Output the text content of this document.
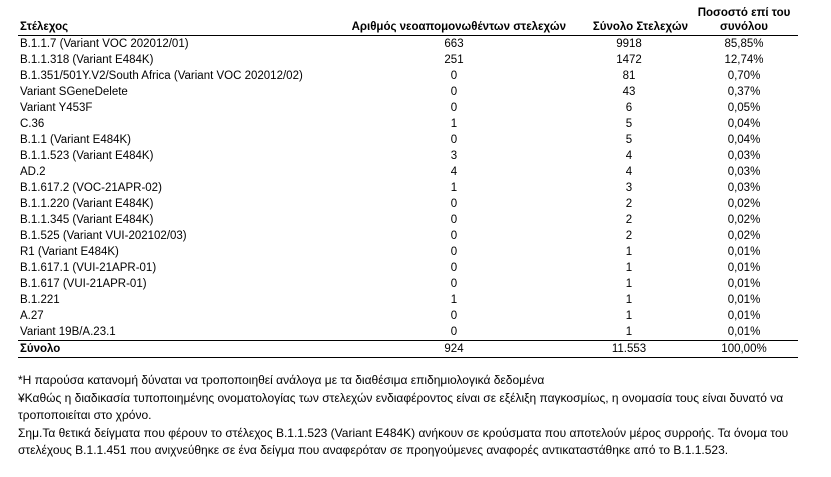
Στέλεχος	Αριθμός νεοαπομονωθέντων στελεχών	Σύνολο Στελεχών	Ποσοστό επί του συνόλου
B.1.1.7 (Variant VOC 202012/01)	663	9918	85,85%
B.1.1.318 (Variant E484K)	251	1472	12,74%
B.1.351/501Y.V2/South Africa (Variant VOC 202012/02)	0	81	0,70%
Variant SGeneDelete	0	43	0,37%
Variant Y453F	0	6	0,05%
C.36	1	5	0,04%
B.1.1 (Variant E484K)	0	5	0,04%
B.1.1.523 (Variant E484K)	3	4	0,03%
AD.2	4	4	0,03%
B.1.617.2 (VOC-21APR-02)	1	3	0,03%
B.1.1.220 (Variant E484K)	0	2	0,02%
B.1.1.345 (Variant E484K)	0	2	0,02%
B.1.525 (Variant VUI-202102/03)	0	2	0,02%
R1 (Variant E484K)	0	1	0,01%
B.1.617.1 (VUI-21APR-01)	0	1	0,01%
B.1.617 (VUI-21APR-01)	0	1	0,01%
B.1.221	1	1	0,01%
A.27	0	1	0,01%
Variant 19B/A.23.1	0	1	0,01%
Σύνολο	924	11.553	100,00%

*Η παρούσα κατανομή δύναται να τροποποιηθεί ανάλογα με τα διαθέσιμα επιδημιολογικά δεδομένα

¥Καθώς η διαδικασία τυποποιημένης ονοματολογίας των στελεχών ενδιαφέροντος είναι σε εξέλιξη παγκοσμίως, η ονομασία τους είναι δυνατό να τροποποιείται στο χρόνο.

Σημ.Τα θετικά δείγματα που φέρουν το στέλεχος B.1.1.523 (Variant E484K) ανήκουν σε κρούσματα που αποτελούν μέρος συρροής. Τα όνομα του στελέχους B.1.1.451 που ανιχνεύθηκε σε ένα δείγμα που αναφερόταν σε προηγούμενες αναφορές αντικαταστάθηκε από το B.1.1.523.
